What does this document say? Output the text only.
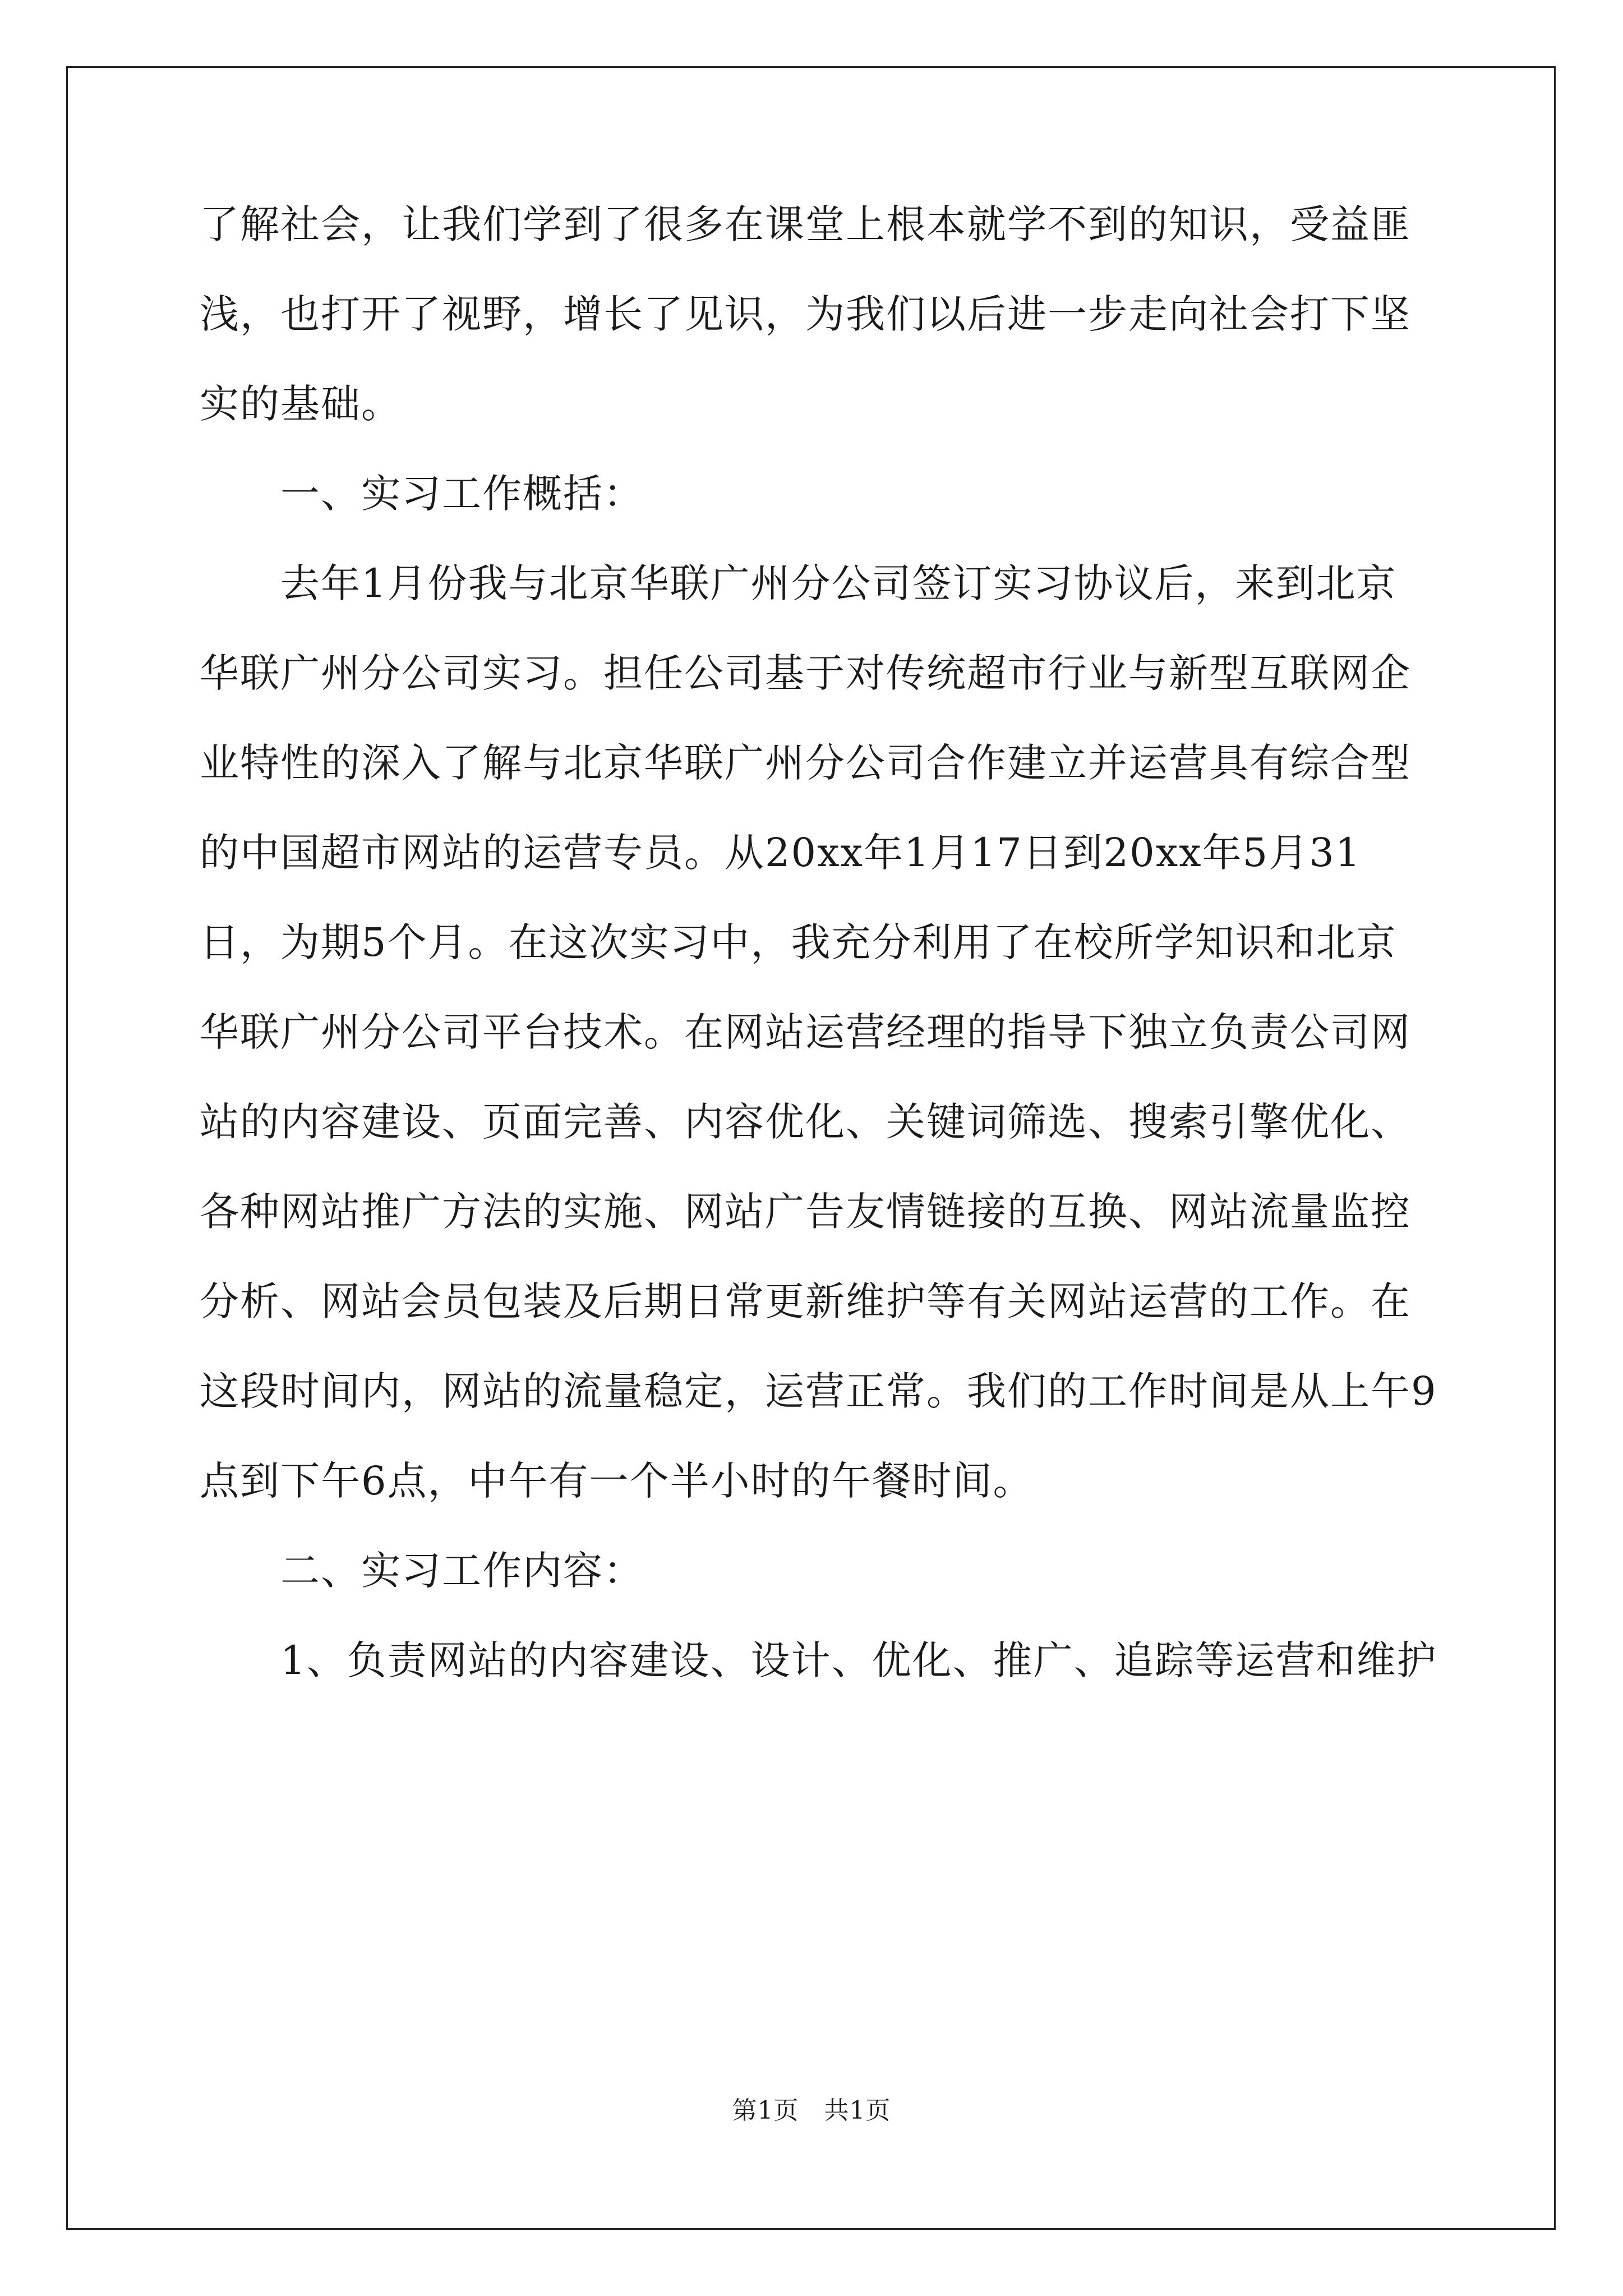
了解社会，让我们学到了很多在课堂上根本就学不到的知识，受益匪
浅，也打开了视野，增长了见识，为我们以后进一步走向社会打下坚
实的基础。
一、实习工作概括：
去年1月份我与北京华联广州分公司签订实习协议后，来到北京
华联广州分公司实习。担任公司基于对传统超市行业与新型互联网企
业特性的深入了解与北京华联广州分公司合作建立并运营具有综合型
的中国超市网站的运营专员。从20xx年1月17日到20xx年5月31
日，为期5个月。在这次实习中，我充分利用了在校所学知识和北京
华联广州分公司平台技术。在网站运营经理的指导下独立负责公司网
站的内容建设、页面完善、内容优化、关键词筛选、搜索引擎优化、
各种网站推广方法的实施、网站广告友情链接的互换、网站流量监控
分析、网站会员包装及后期日常更新维护等有关网站运营的工作。在
这段时间内，网站的流量稳定，运营正常。我们的工作时间是从上午9
点到下午6点，中午有一个半小时的午餐时间。
二、实习工作内容：
1、负责网站的内容建设、设计、优化、推广、追踪等运营和维护
第1页　共1页
